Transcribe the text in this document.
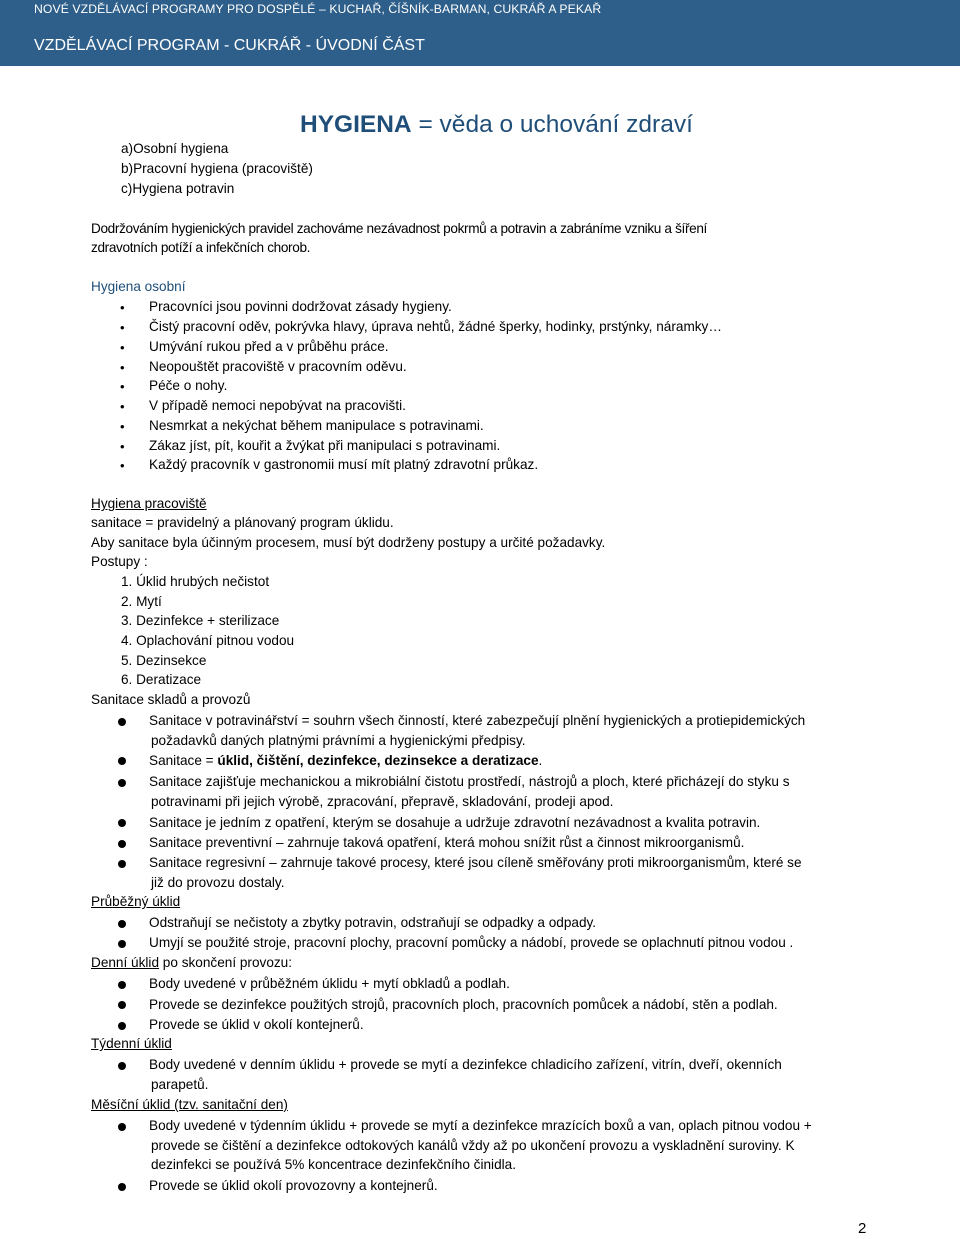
NOVÉ VZDĚLÁVACÍ PROGRAMY PRO DOSPĚLÉ – KUCHAŘ, ČÍŠNÍK-BARMAN, CUKRÁŘ A PEKAŘ
VZDĚLÁVACÍ PROGRAM - CUKRÁŘ - ÚVODNÍ ČÁST
a)Osobní hygiena
b)Pracovní hygiena (pracoviště)
c)Hygiena potravin
HYGIENA = věda o uchování zdraví
Dodržováním hygienických pravidel zachováme nezávadnost pokrmů a potravin a zabráníme vzniku a šíření
zdravotních potíží a infekčních chorob.
Hygiena osobní
• Pracovníci jsou povinni dodržovat zásady hygieny.
• Čistý pracovní oděv, pokrývka hlavy, úprava nehtů, žádné šperky, hodinky, prstýnky, náramky…
• Umývání rukou před a v průběhu práce.
• Neopouštět pracoviště v pracovním oděvu.
• Péče o nohy.
• V případě nemoci nepobývat na pracovišti.
• Nesmrkat a nekýchat během manipulace s potravinami.
• Zákaz jíst, pít, kouřit a žvýkat při manipulaci s potravinami.
• Každý pracovník v gastronomii musí mít platný zdravotní průkaz.
Hygiena pracoviště
sanitace = pravidelný a plánovaný program úklidu.
Aby sanitace byla účinným procesem, musí být dodrženy postupy a určité požadavky.
Postupy :
1. Úklid hrubých nečistot
2. Mytí
3. Dezinfekce + sterilizace
4. Oplachování pitnou vodou
5. Dezinsekce
6. Deratizace
Sanitace skladů a provozů
Sanitace v potravinářství = souhrn všech činností, které zabezpečují plnění hygienických a protiepidemických
požadavků daných platnými právními a hygienickými předpisy.
Sanitace = úklid, čištění, dezinfekce, dezinsekce a deratizace.
Sanitace zajišťuje mechanickou a mikrobiální čistotu prostředí, nástrojů a ploch, které přicházejí do styku s
potravinami při jejich výrobě, zpracování, přepravě, skladování, prodeji apod.
Sanitace je jedním z opatření, kterým se dosahuje a udržuje zdravotní nezávadnost a kvalita potravin.
Sanitace preventivní – zahrnuje taková opatření, která mohou snížit růst a činnost mikroorganismů.
Sanitace regresivní – zahrnuje takové procesy, které jsou cíleně směřovány proti mikroorganismům, které se
již do provozu dostaly.
Průběžný úklid
Odstraňují se nečistoty a zbytky potravin, odstraňují se odpadky a odpady.
Umyjí se použité stroje, pracovní plochy, pracovní pomůcky a nádobí, provede se oplachnutí pitnou vodou .
Denní úklid po skončení provozu:
Body uvedené v průběžném úklidu + mytí obkladů a podlah.
Provede se dezinfekce použitých strojů, pracovních ploch, pracovních pomůcek a nádobí, stěn a podlah.
Provede se úklid v okolí kontejnerů.
Týdenní úklid
Body uvedené v denním úklidu + provede se mytí a dezinfekce chladicího zařízení, vitrín, dveří, okenních
parapetů.
Měsíční úklid (tzv. sanitační den)
Body uvedené v týdenním úklidu + provede se mytí a dezinfekce mrazících boxů a van, oplach pitnou vodou +
provede se čištění a dezinfekce odtokových kanálů vždy až po ukončení provozu a vyskladnění suroviny. K
dezinfekci se používá 5% koncentrace dezinfekčního činidla.
Provede se úklid okolí provozovny a kontejnerů.
2
